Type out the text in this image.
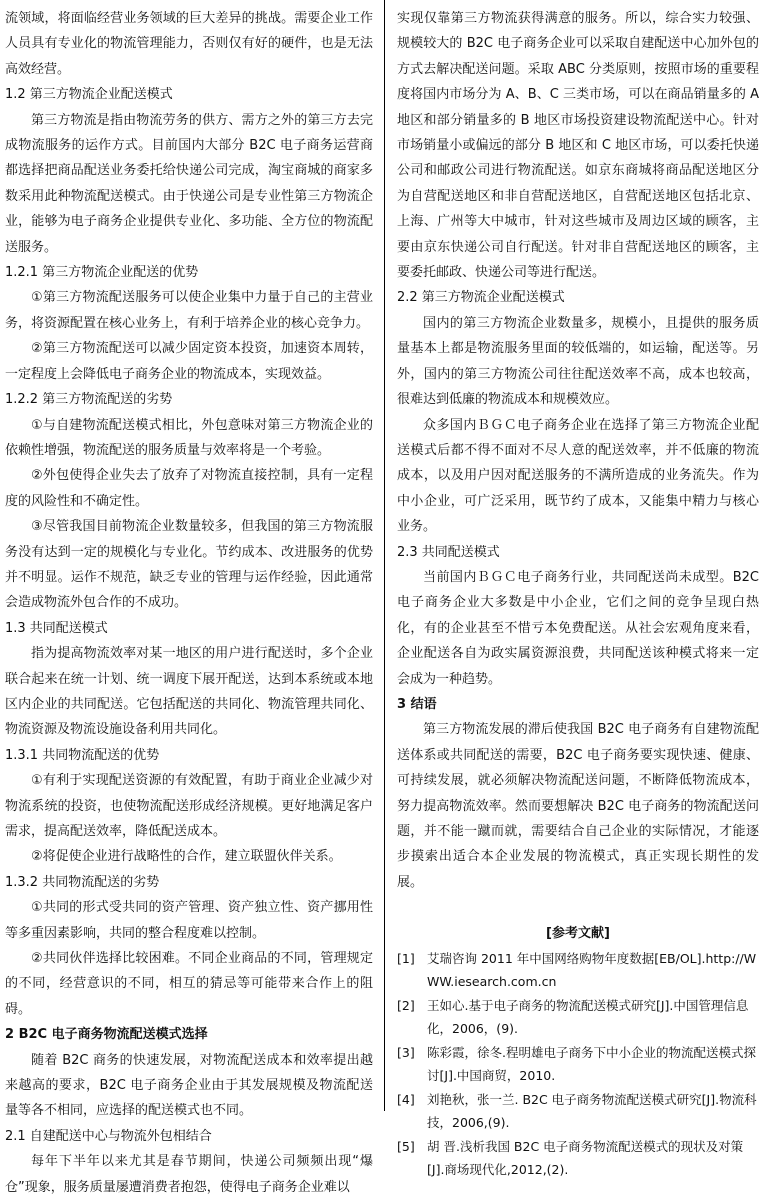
流领域，将面临经营业务领域的巨大差异的挑战。需要企业工作人员具有专业化的物流管理能力，否则仅有好的硬件，也是无法高效经营。

1.2 第三方物流企业配送模式

第三方物流是指由物流劳务的供方、需方之外的第三方去完成物流服务的运作方式。目前国内大部分 B2C 电子商务运营商都选择把商品配送业务委托给快递公司完成，淘宝商城的商家多数采用此种物流配送模式。由于快递公司是专业性第三方物流企业，能够为电子商务企业提供专业化、多功能、全方位的物流配送服务。

1.2.1 第三方物流企业配送的优势

①第三方物流配送服务可以使企业集中力量于自己的主营业务，将资源配置在核心业务上，有利于培养企业的核心竞争力。

②第三方物流配送可以减少固定资本投资，加速资本周转，一定程度上会降低电子商务企业的物流成本，实现效益。

1.2.2 第三方物流配送的劣势

①与自建物流配送模式相比，外包意味对第三方物流企业的依赖性增强，物流配送的服务质量与效率将是一个考验。

②外包使得企业失去了放弃了对物流直接控制，具有一定程度的风险性和不确定性。

③尽管我国目前物流企业数量较多，但我国的第三方物流服务没有达到一定的规模化与专业化。节约成本、改进服务的优势并不明显。运作不规范，缺乏专业的管理与运作经验，因此通常会造成物流外包合作的不成功。

1.3 共同配送模式

指为提高物流效率对某一地区的用户进行配送时，多个企业联合起来在统一计划、统一调度下展开配送，达到本系统或本地区内企业的共同配送。它包括配送的共同化、物流管理共同化、物流资源及物流设施设备利用共同化。

1.3.1 共同物流配送的优势

①有利于实现配送资源的有效配置，有助于商业企业减少对物流系统的投资，也使物流配送形成经济规模。更好地满足客户需求，提高配送效率，降低配送成本。

②将促使企业进行战略性的合作，建立联盟伙伴关系。

1.3.2 共同物流配送的劣势

①共同的形式受共同的资产管理、资产独立性、资产挪用性等多重因素影响，共同的整合程度难以控制。

②共同伙伴选择比较困难。不同企业商品的不同，管理规定的不同，经营意识的不同，相互的猜忌等可能带来合作上的阻碍。

2 B2C 电子商务物流配送模式选择

随着 B2C 商务的快速发展，对物流配送成本和效率提出越来越高的要求，B2C 电子商务企业由于其发展规模及物流配送量等各不相同，应选择的配送模式也不同。

2.1 自建配送中心与物流外包相结合

每年下半年以来尤其是春节期间，快递公司频频出现“爆仓”现象，服务质量屡遭消费者抱怨，使得电子商务企业难以

实现仅靠第三方物流获得满意的服务。所以，综合实力较强、规模较大的 B2C 电子商务企业可以采取自建配送中心加外包的方式去解决配送问题。采取 ABC 分类原则，按照市场的重要程度将国内市场分为 A、B、C 三类市场，可以在商品销量多的 A 地区和部分销量多的 B 地区市场投资建设物流配送中心。针对市场销量小或偏远的部分 B 地区和 C 地区市场，可以委托快递公司和邮政公司进行物流配送。如京东商城将商品配送地区分为自营配送地区和非自营配送地区，自营配送地区包括北京、上海、广州等大中城市，针对这些城市及周边区域的顾客，主要由京东快递公司自行配送。针对非自营配送地区的顾客，主要委托邮政、快递公司等进行配送。

2.2 第三方物流企业配送模式

国内的第三方物流企业数量多，规模小，且提供的服务质量基本上都是物流服务里面的较低端的，如运输，配送等。另外，国内的第三方物流公司往往配送效率不高，成本也较高，很难达到低廉的物流成本和规模效应。

众多国内ＢＧＣ电子商务企业在选择了第三方物流企业配送模式后都不得不面对不尽人意的配送效率，并不低廉的物流成本，以及用户因对配送服务的不满所造成的业务流失。作为中小企业，可广泛采用，既节约了成本，又能集中精力与核心业务。

2.3 共同配送模式

当前国内ＢＧＣ电子商务行业，共同配送尚未成型。B2C 电子商务企业大多数是中小企业，它们之间的竞争呈现白热化，有的企业甚至不惜亏本免费配送。从社会宏观角度来看，企业配送各自为政实属资源浪费，共同配送该种模式将来一定会成为一种趋势。

3 结语

第三方物流发展的滞后使我国 B2C 电子商务有自建物流配送体系或共同配送的需要，B2C 电子商务要实现快速、健康、可持续发展，就必须解决物流配送问题，不断降低物流成本，努力提高物流效率。然而要想解决 B2C 电子商务的物流配送问题，并不能一蹴而就，需要结合自己企业的实际情况，才能逐步摸索出适合本企业发展的物流模式，真正实现长期性的发展。

[参考文献]

[1] 艾瑞咨询 2011 年中国网络购物年度数据[EB/OL].http://WWW.iesearch.com.cn
[2] 王如心.基于电子商务的物流配送模式研究[J].中国管理信息化，2006，(9).
[3] 陈彩霞，徐冬.程明雄电子商务下中小企业的物流配送模式探讨[J].中国商贸，2010.
[4] 刘艳秋，张一兰. B2C 电子商务物流配送模式研究[J].物流科技，2006,(9).
[5] 胡 晋.浅析我国 B2C 电子商务物流配送模式的现状及对策[J].商场现代化,2012,(2).
